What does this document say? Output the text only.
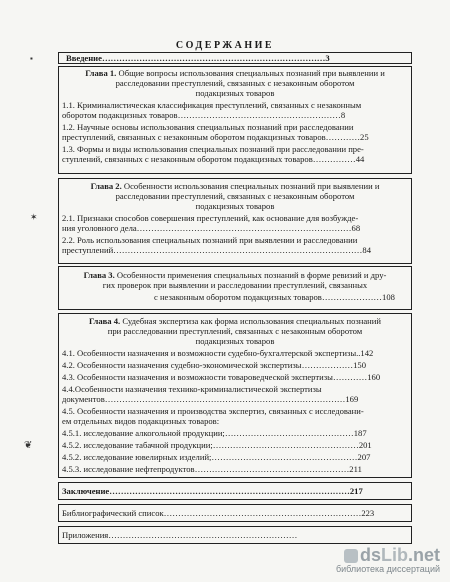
СОДЕРЖАНИЕ
Введение……………………………………………………………………3
Глава 1. Общие вопросы использования специальных познаний при выявлении и
расследовании преступлений, связанных с незаконным оборотом
подакцизных товаров
1.1. Криминалистическая классификация преступлений, связанных с незаконным
оборотом подакцизных товаров…………………………………………………8
1.2. Научные основы использования специальных познаний при расследовании
преступлений, связанных с незаконным оборотом подакцизных товаров…………25
1.3. Формы и виды использования специальных познаний при расследовании пре-
ступлений, связанных с незаконным оборотом подакцизных товаров……………44
Глава 2. Особенности использования специальных познаний при выявлении и
расследовании преступлений, связанных с незаконным оборотом
подакцизных товаров
2.1. Признаки способов совершения преступлений, как основание для возбужде-
ния уголовного дела…………………………………………………………………68
2.2. Роль использования специальных познаний при выявлении и расследовании
преступлений……………………………………………………………………………84
Глава 3. Особенности применения специальных познаний в форме ревизий и дру-
гих проверок при выявлении и расследовании преступлений, связанных
с незаконным оборотом подакцизных товаров…………………108
Глава 4. Судебная экспертиза как форма использования специальных познаний
при расследовании преступлений, связанных с незаконным оборотом
подакцизных товаров
4.1. Особенности назначения и возможности судебно-бухгалтерской экспертизы..142
4.2. Особенности назначения судебно-экономической экспертизы………………150
4.3. Особенности назначения и возможности товароведческой экспертизы…………160
4.4.Особенности назначения технико-криминалистической экспертизы
документов…………………………………………………………………………169
4.5. Особенности назначения и производства экспертиз, связанных с исследовани-
ем отдельных видов подакцизных товаров:
4.5.1. исследование алкогольной продукции;………………………………………187
4.5.2. исследование табачной продукции;……………………………………………201
4.5.2. исследование ювелирных изделий;……………………………………………207
4.5.3. исследование нефтепродуктов………………………………………………211
Заключение…………………………………………………………………………217
Библиографический список……………………………………………………………223
Приложения…………………………………………………………
▪
✶
❦
dsLib.net
библиотека диссертаций
